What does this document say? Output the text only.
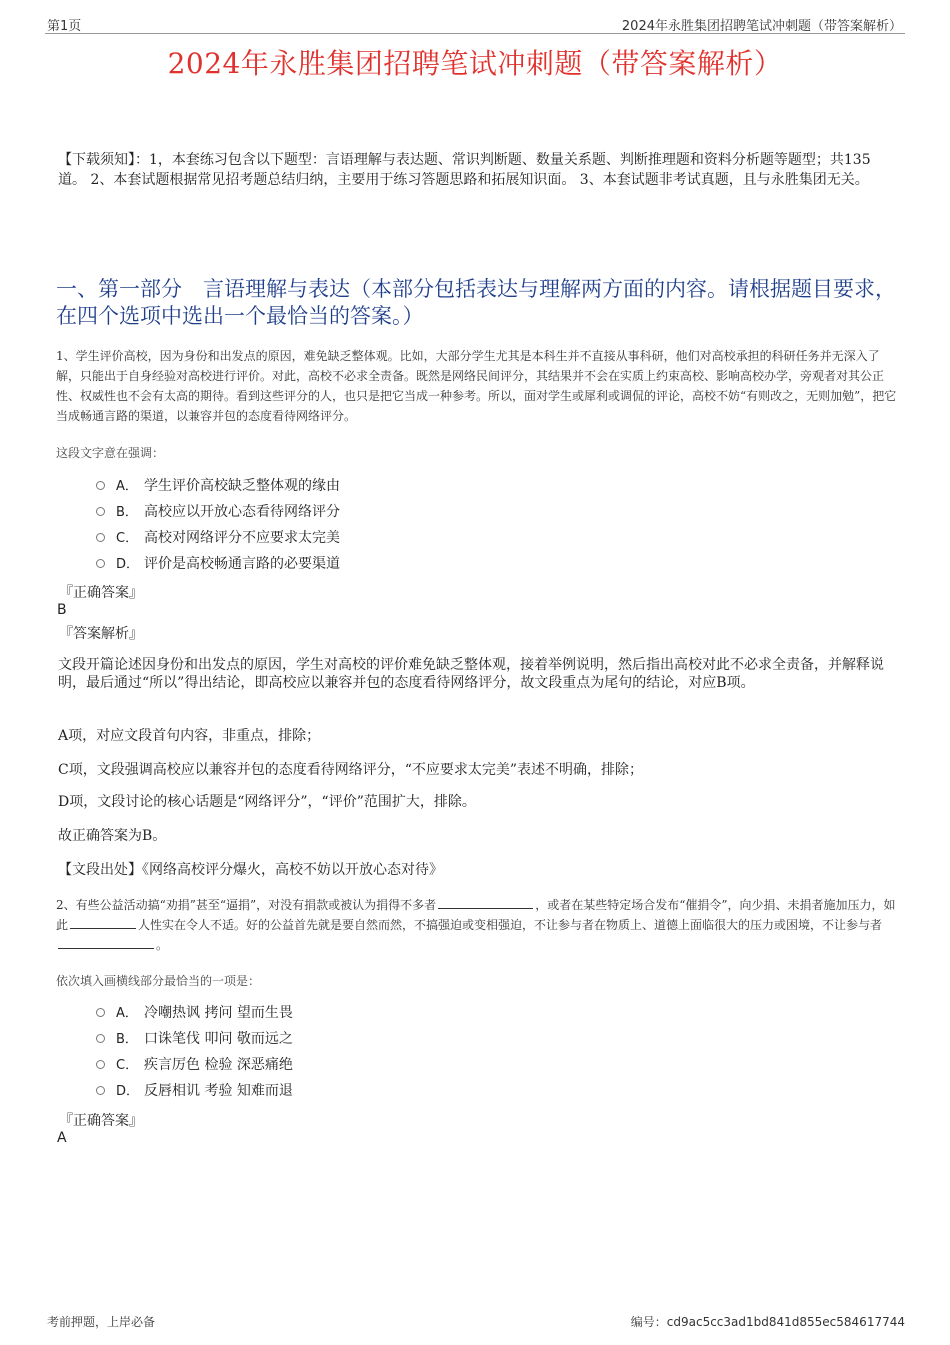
第1页	2024年永胜集团招聘笔试冲刺题（带答案解析）
2024年永胜集团招聘笔试冲刺题（带答案解析）
【下载须知】：1，本套练习包含以下题型：言语理解与表达题、常识判断题、数量关系题、判断推理题和资料分析题等题型；共135道。 2、本套试题根据常见招考题总结归纳，主要用于练习答题思路和拓展知识面。 3、本套试题非考试真题，且与永胜集团无关。
一、第一部分　言语理解与表达（本部分包括表达与理解两方面的内容。请根据题目要求，在四个选项中选出一个最恰当的答案。）
1、学生评价高校，因为身份和出发点的原因，难免缺乏整体观。比如，大部分学生尤其是本科生并不直接从事科研，他们对高校承担的科研任务并无深入了解，只能出于自身经验对高校进行评价。对此，高校不必求全责备。既然是网络民间评分，其结果并不会在实质上约束高校、影响高校办学，旁观者对其公正性、权威性也不会有太高的期待。看到这些评分的人，也只是把它当成一种参考。所以，面对学生或犀利或调侃的评论，高校不妨“有则改之，无则加勉”，把它当成畅通言路的渠道，以兼容并包的态度看待网络评分。
这段文字意在强调：
A． 学生评价高校缺乏整体观的缘由
B． 高校应以开放心态看待网络评分
C． 高校对网络评分不应要求太完美
D． 评价是高校畅通言路的必要渠道
『正确答案』
B
『答案解析』
文段开篇论述因身份和出发点的原因，学生对高校的评价难免缺乏整体观，接着举例说明，然后指出高校对此不必求全责备，并解释说明，最后通过“所以”得出结论，即高校应以兼容并包的态度看待网络评分，故文段重点为尾句的结论，对应B项。
A项，对应文段首句内容，非重点，排除；
C项，文段强调高校应以兼容并包的态度看待网络评分，“不应要求太完美”表述不明确，排除；
D项，文段讨论的核心话题是“网络评分”，“评价”范围扩大，排除。
故正确答案为B。
【文段出处】《网络高校评分爆火，高校不妨以开放心态对待》
2、有些公益活动搞“劝捐”甚至“逼捐”，对没有捐款或被认为捐得不多者	，或者在某些特定场合发布“催捐令”，向少捐、未捐者施加压力，如此	人性实在令人不适。好的公益首先就是要自然而然，不搞强迫或变相强迫，不让参与者在物质上、道德上面临很大的压力或困境，不让参与者。
依次填入画横线部分最恰当的一项是：
A． 冷嘲热讽 拷问 望而生畏
B． 口诛笔伐 叩问 敬而远之
C． 疾言厉色 检验 深恶痛绝
D． 反唇相讥 考验 知难而退
『正确答案』
A
考前押题，上岸必备	编号：cd9ac5cc3ad1bd841d855ec584617744
